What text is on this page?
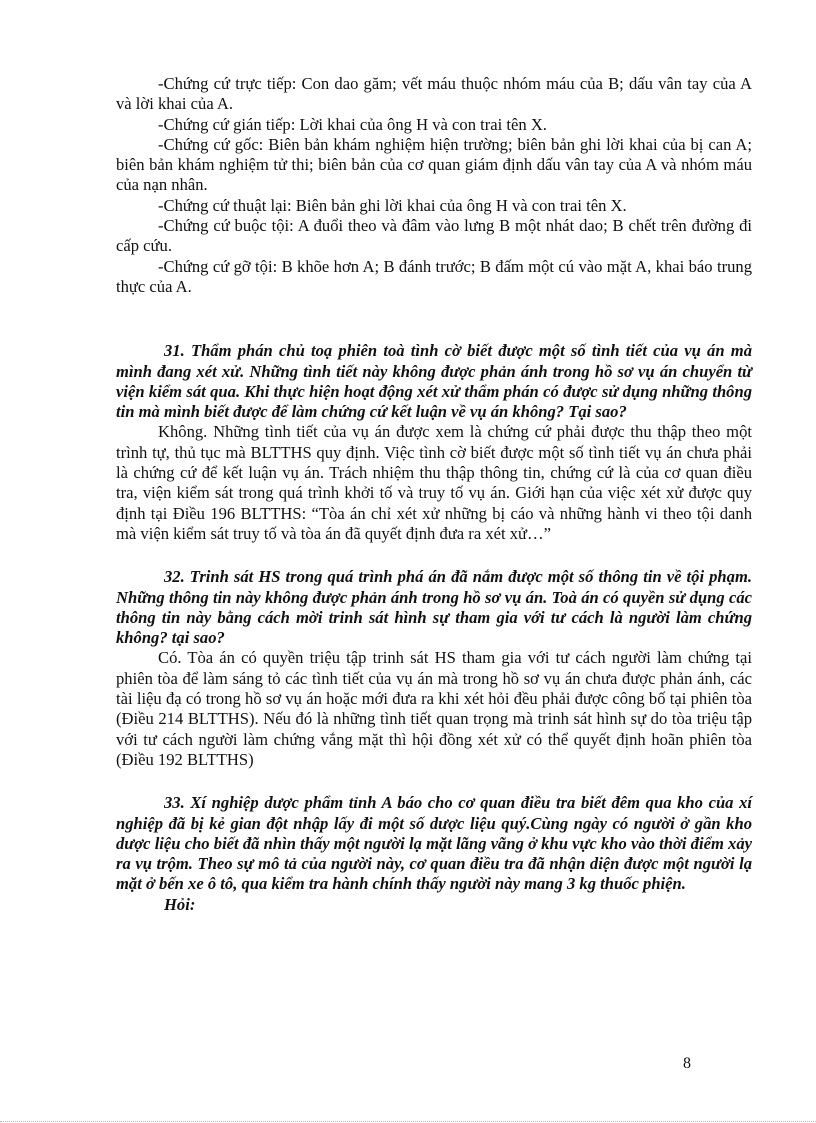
-Chứng cứ trực tiếp: Con dao găm; vết máu thuộc nhóm máu của B; dấu vân tay của A và lời khai của A.

-Chứng cứ gián tiếp: Lời khai của ông H và con trai tên X.

-Chứng cứ gốc: Biên bản khám nghiệm hiện trường; biên bản ghi lời khai của bị can A; biên bản khám nghiệm tử thi; biên bản của cơ quan giám định dấu vân tay của A và nhóm máu của nạn nhân.

-Chứng cứ thuật lại: Biên bản ghi lời khai của ông H và con trai tên X.

-Chứng cứ buộc tội: A đuổi theo và đâm vào lưng B một nhát dao; B chết trên đường đi cấp cứu.

-Chứng cứ gỡ tội: B khõe hơn A; B đánh trước; B đấm một cú vào mặt A, khai báo trung thực của A.

31. Thẩm phán chủ toạ phiên toà tình cờ biết được một số tình tiết của vụ án mà mình đang xét xử. Những tình tiết này không được phản ánh trong hồ sơ vụ án chuyển từ viện kiểm sát qua. Khi thực hiện hoạt động xét xử thẩm phán có được sử dụng những thông tin mà mình biết được để làm chứng cứ kết luận về vụ án không? Tại sao?

Không. Những tình tiết của vụ án được xem là chứng cứ phải được thu thập theo một trình tự, thủ tục mà BLTTHS quy định. Việc tình cờ biết được một số tình tiết vụ án chưa phải là chứng cứ để kết luận vụ án. Trách nhiệm thu thập thông tin, chứng cứ là của cơ quan điều tra, viện kiểm sát trong quá trình khởi tố và truy tố vụ án. Giới hạn của việc xét xử được quy định tại Điều 196 BLTTHS: “Tòa án chỉ xét xử những bị cáo và những hành vi theo tội danh mà viện kiểm sát truy tố và tòa án đã quyết định đưa ra xét xử…”

32. Trinh sát HS trong quá trình phá án đã nắm được một số thông tin về tội phạm. Những thông tin này không được phản ánh trong hồ sơ vụ án. Toà án có quyền sử dụng các thông tin này bằng cách mời trinh sát hình sự tham gia với tư cách là người làm chứng không? tại sao?

Có. Tòa án có quyền triệu tập trinh sát HS tham gia với tư cách người làm chứng tại phiên tòa để làm sáng tỏ các tình tiết của vụ án mà trong hồ sơ vụ án chưa được phản ánh, các tài liệu đạ có trong hồ sơ vụ án hoặc mới đưa ra khi xét hỏi đều phải được công bố tại phiên tòa (Điều 214 BLTTHS). Nếu đó là những tình tiết quan trọng mà trinh sát hình sự do tòa triệu tập với tư cách người làm chứng vắng mặt thì hội đồng xét xử có thể quyết định hoãn phiên tòa (Điều 192 BLTTHS)

33. Xí nghiệp dược phẩm tỉnh A báo cho cơ quan điều tra biết đêm qua kho của xí nghiệp đã bị kẻ gian đột nhập lấy đi một số dược liệu quý.Cùng ngày có người ở gần kho dược liệu cho biết đã nhìn thấy một người lạ mặt lãng vãng ở khu vực kho vào thời điểm xảy ra vụ trộm. Theo sự mô tả của người này, cơ quan điều tra đã nhận diện được một người lạ mặt ở bến xe ô tô, qua kiểm tra hành chính thấy người này mang 3 kg thuốc phiện.

Hỏi:

8
